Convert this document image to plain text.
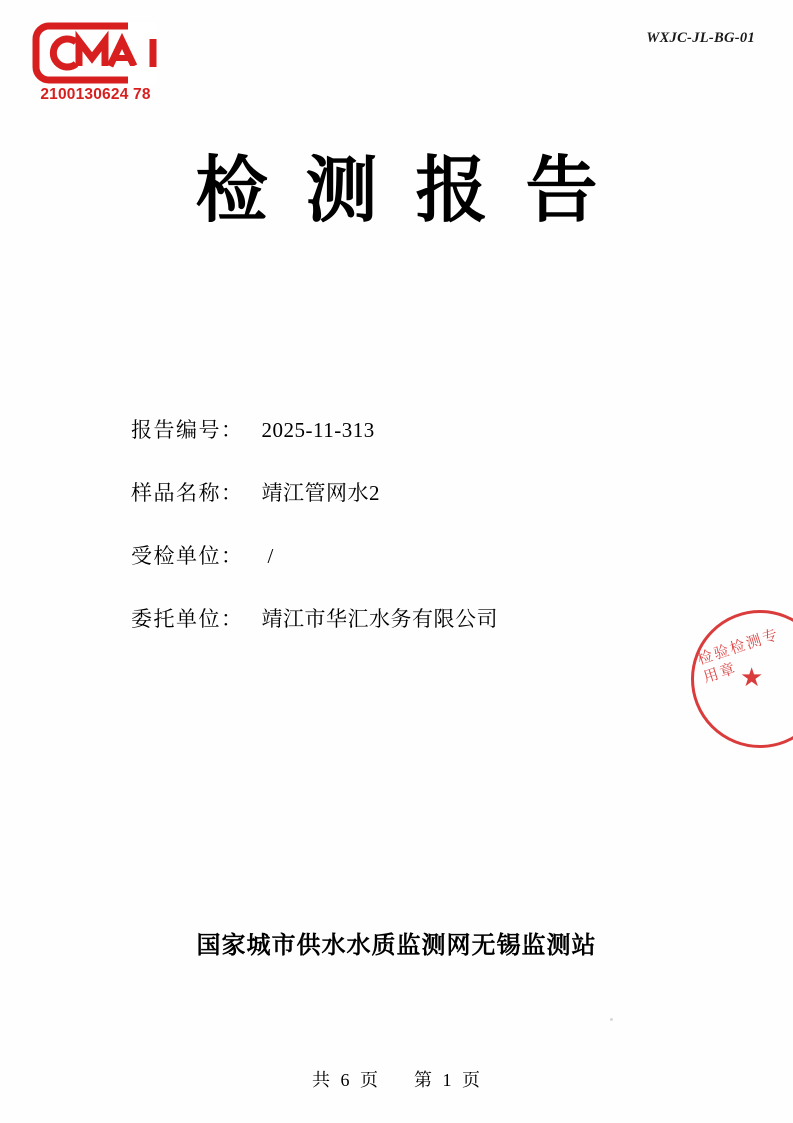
2100130624 78
WXJC-JL-BG-01
检测报告
报告编号： 2025-11-313
样品名称： 靖江管网水2
受检单位： /
委托单位： 靖江市华汇水务有限公司
检验检测专用章 ★
国家城市供水水质监测网无锡监测站
共 6 页 第 1 页
